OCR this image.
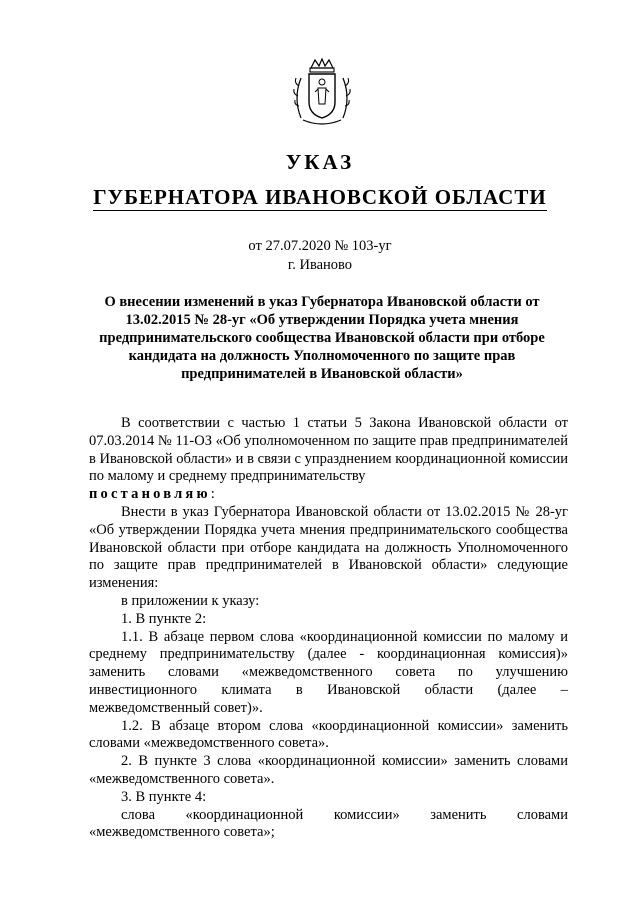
УКАЗ
ГУБЕРНАТОРА ИВАНОВСКОЙ ОБЛАСТИ

от 27.07.2020 № 103-уг

г. Иваново

О внесении изменений в указ Губернатора Ивановской области от 13.02.2015 № 28-уг «Об утверждении Порядка учета мнения предпринимательского сообщества Ивановской области при отборе кандидата на должность Уполномоченного по защите прав предпринимателей в Ивановской области»

В соответствии с частью 1 статьи 5 Закона Ивановской области от 07.03.2014 № 11-ОЗ «Об уполномоченном по защите прав предпринимателей в Ивановской области» и в связи с упразднением координационной комиссии по малому и среднему предпринимательству

постановляю:

Внести в указ Губернатора Ивановской области от 13.02.2015 № 28-уг «Об утверждении Порядка учета мнения предпринимательского сообщества Ивановской области при отборе кандидата на должность Уполномоченного по защите прав предпринимателей в Ивановской области» следующие изменения:

в приложении к указу:

1. В пункте 2:

1.1. В абзаце первом слова «координационной комиссии по малому и среднему предпринимательству (далее - координационная комиссия)» заменить словами «межведомственного совета по улучшению инвестиционного климата в Ивановской области (далее – межведомственный совет)».

1.2. В абзаце втором слова «координационной комиссии» заменить словами «межведомственного совета».

2. В пункте 3 слова «координационной комиссии» заменить словами «межведомственного совета».

3. В пункте 4:

слова «координационной комиссии» заменить словами «межведомственного совета»;
